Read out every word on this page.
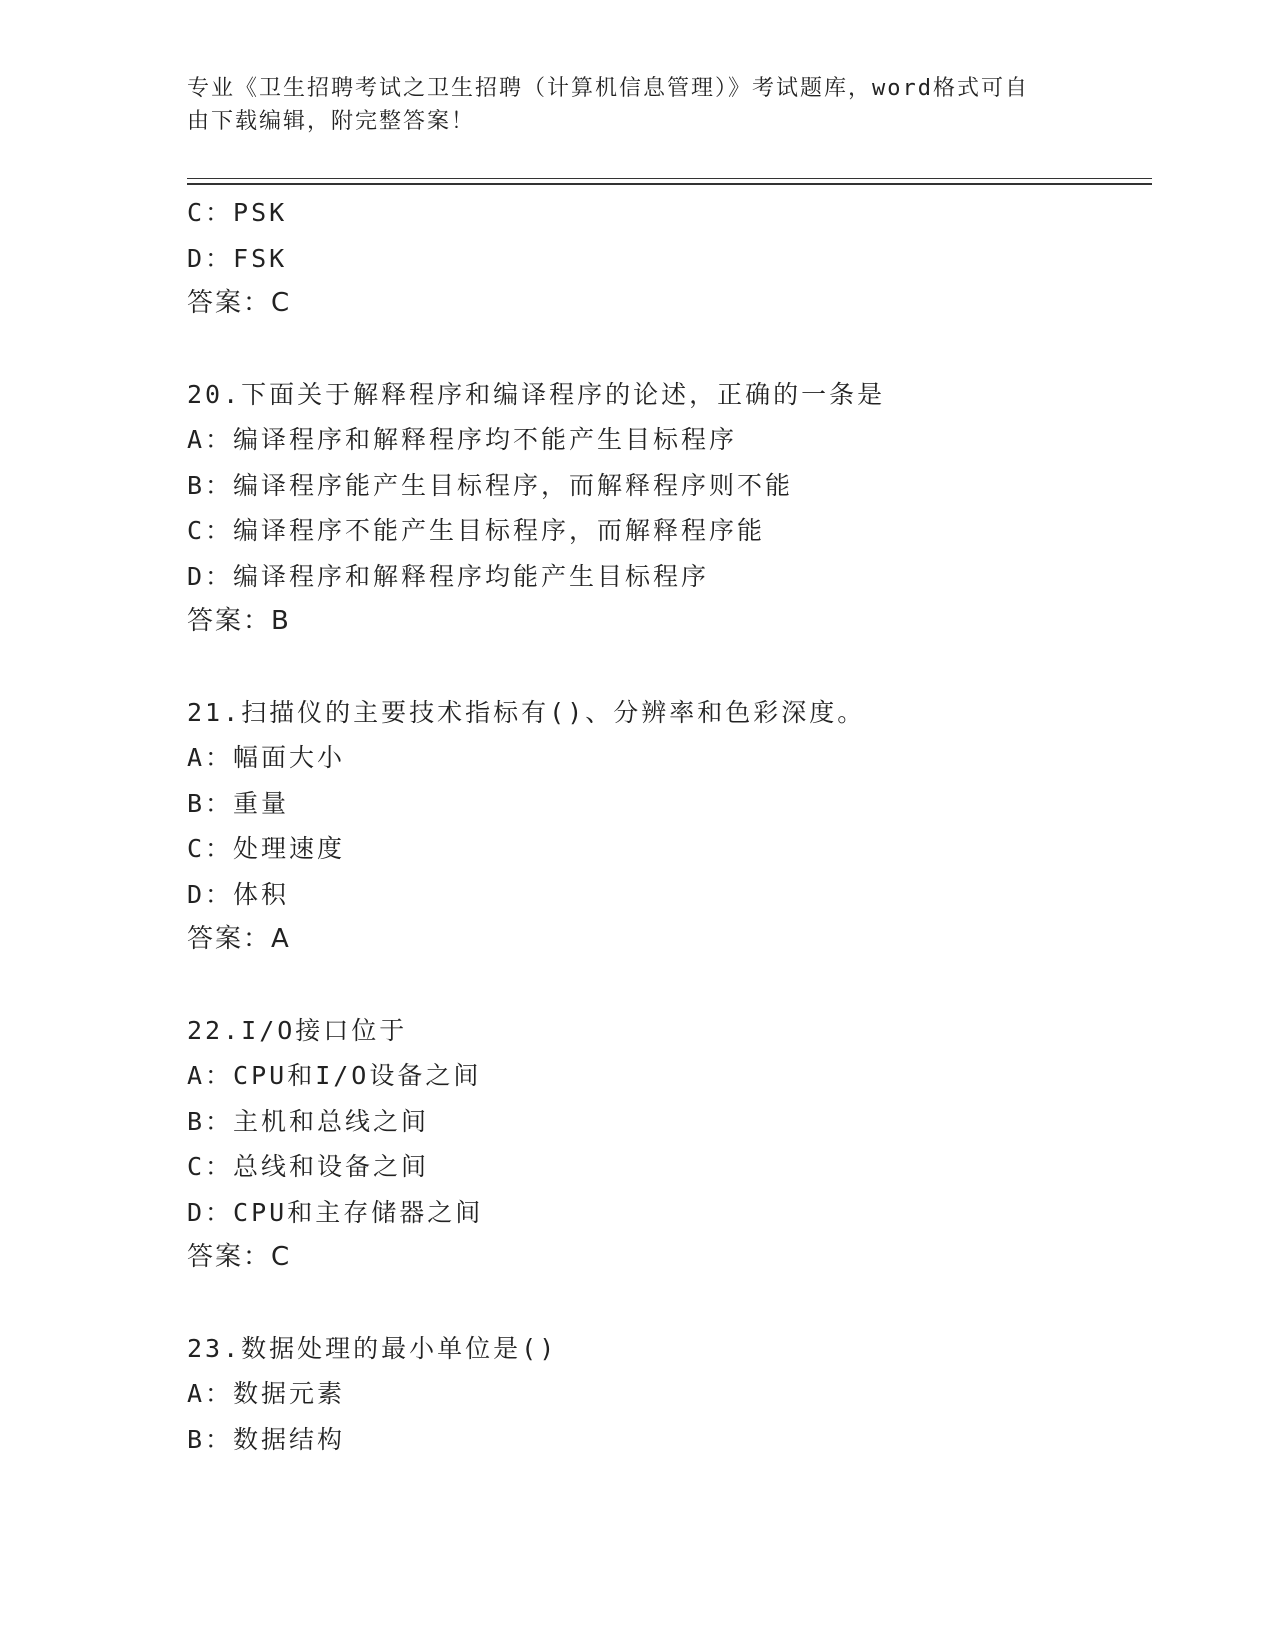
专业《卫生招聘考试之卫生招聘（计算机信息管理）》考试题库，word格式可自
由下载编辑，附完整答案！
C：PSK
D：FSK
答案：C
20.下面关于解释程序和编译程序的论述，正确的一条是
A：编译程序和解释程序均不能产生目标程序
B：编译程序能产生目标程序，而解释程序则不能
C：编译程序不能产生目标程序，而解释程序能
D：编译程序和解释程序均能产生目标程序
答案：B
21.扫描仪的主要技术指标有()、分辨率和色彩深度。
A：幅面大小
B：重量
C：处理速度
D：体积
答案：A
22.I/O接口位于
A：CPU和I/O设备之间
B：主机和总线之间
C：总线和设备之间
D：CPU和主存储器之间
答案：C
23.数据处理的最小单位是()
A：数据元素
B：数据结构
